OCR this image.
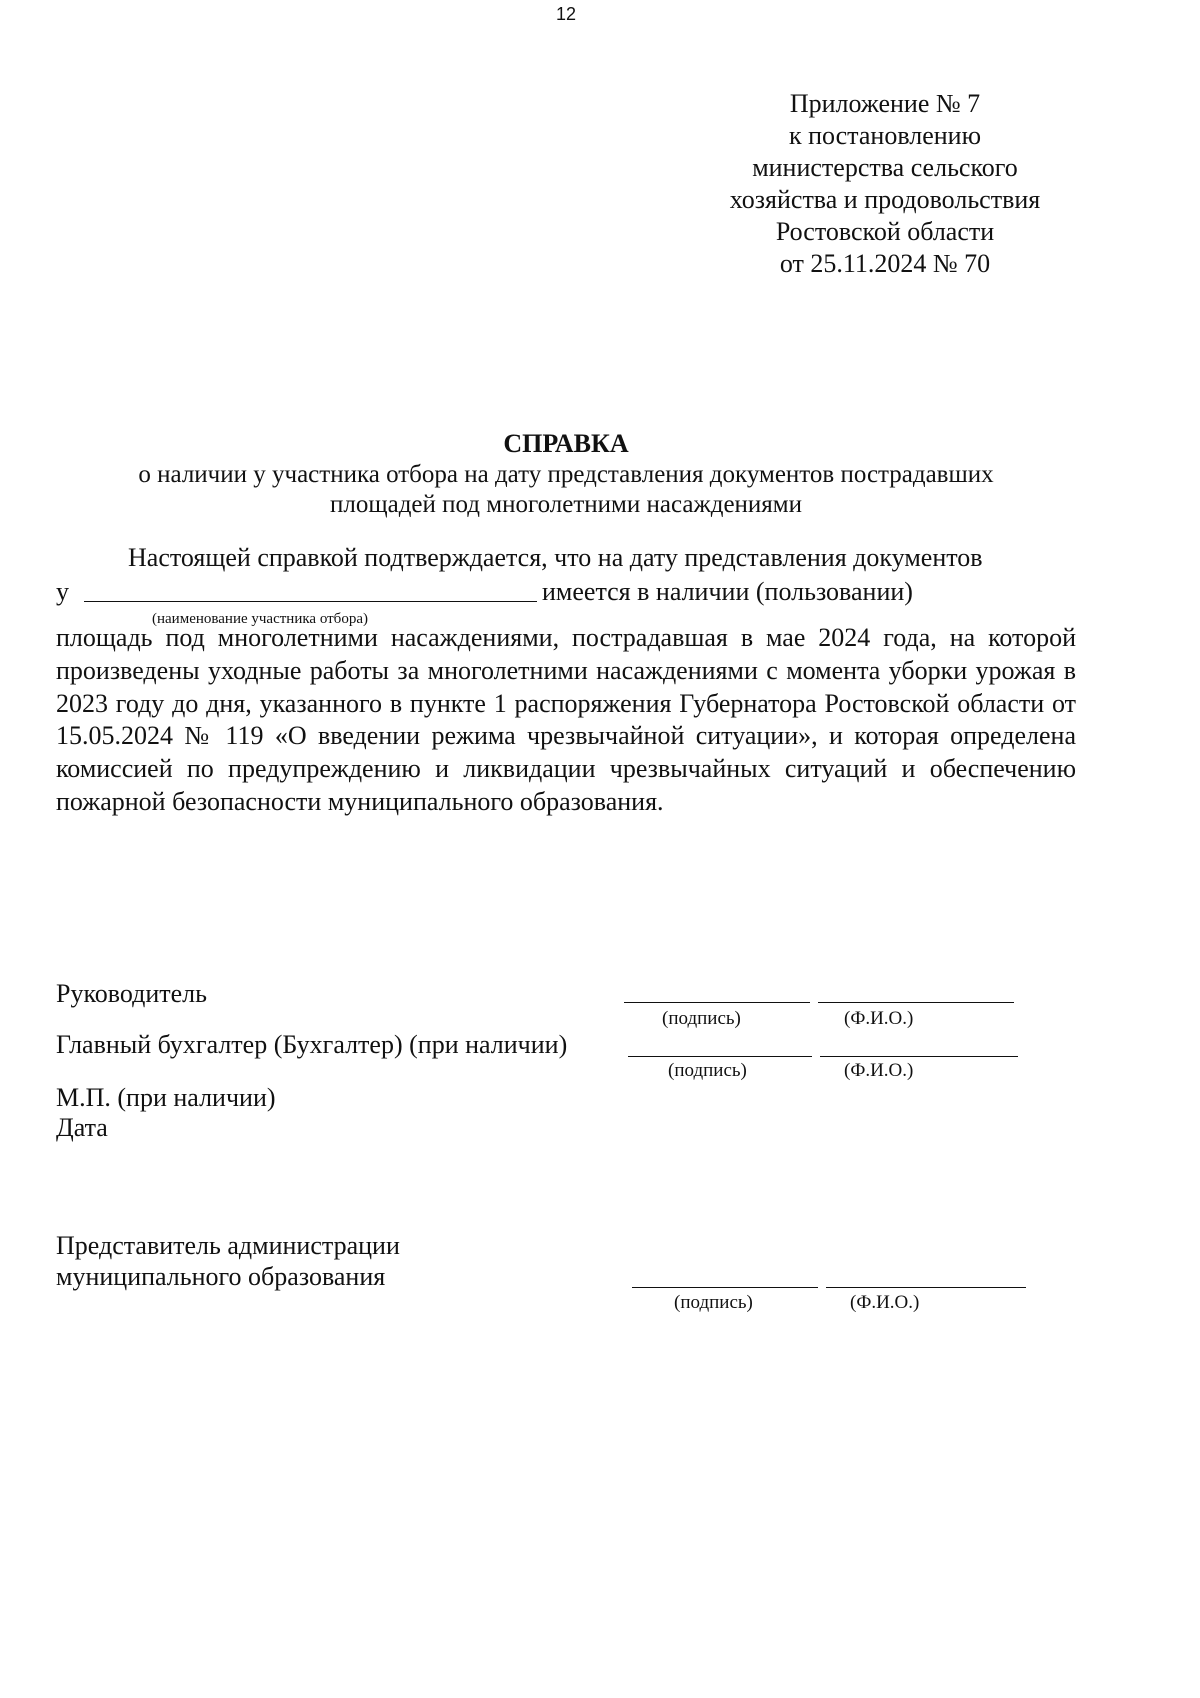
12
Приложение № 7
к постановлению
министерства сельского
хозяйства и продовольствия
Ростовской области
от 25.11.2024 № 70
СПРАВКА
о наличии у участника отбора на дату представления документов пострадавших
площадей под многолетними насаждениями
Настоящей справкой подтверждается, что на дату представления документов
у	имеется в наличии (пользовании)
(наименование участника отбора)
площадь под многолетними насаждениями, пострадавшая в мае 2024 года, на которой произведены уходные работы за многолетними насаждениями с момента уборки урожая в 2023 году до дня, указанного в пункте 1 распоряжения Губернатора Ростовской области от 15.05.2024 № 119 «О введении режима чрезвычайной ситуации», и которая определена комиссией по предупреждению и ликвидации чрезвычайных ситуаций и обеспечению пожарной безопасности муниципального образования.
Руководитель
(подпись)	(Ф.И.О.)
Главный бухгалтер (Бухгалтер) (при наличии)
(подпись)	(Ф.И.О.)
М.П. (при наличии)
Дата
Представитель администрации
муниципального образования
(подпись)	(Ф.И.О.)
